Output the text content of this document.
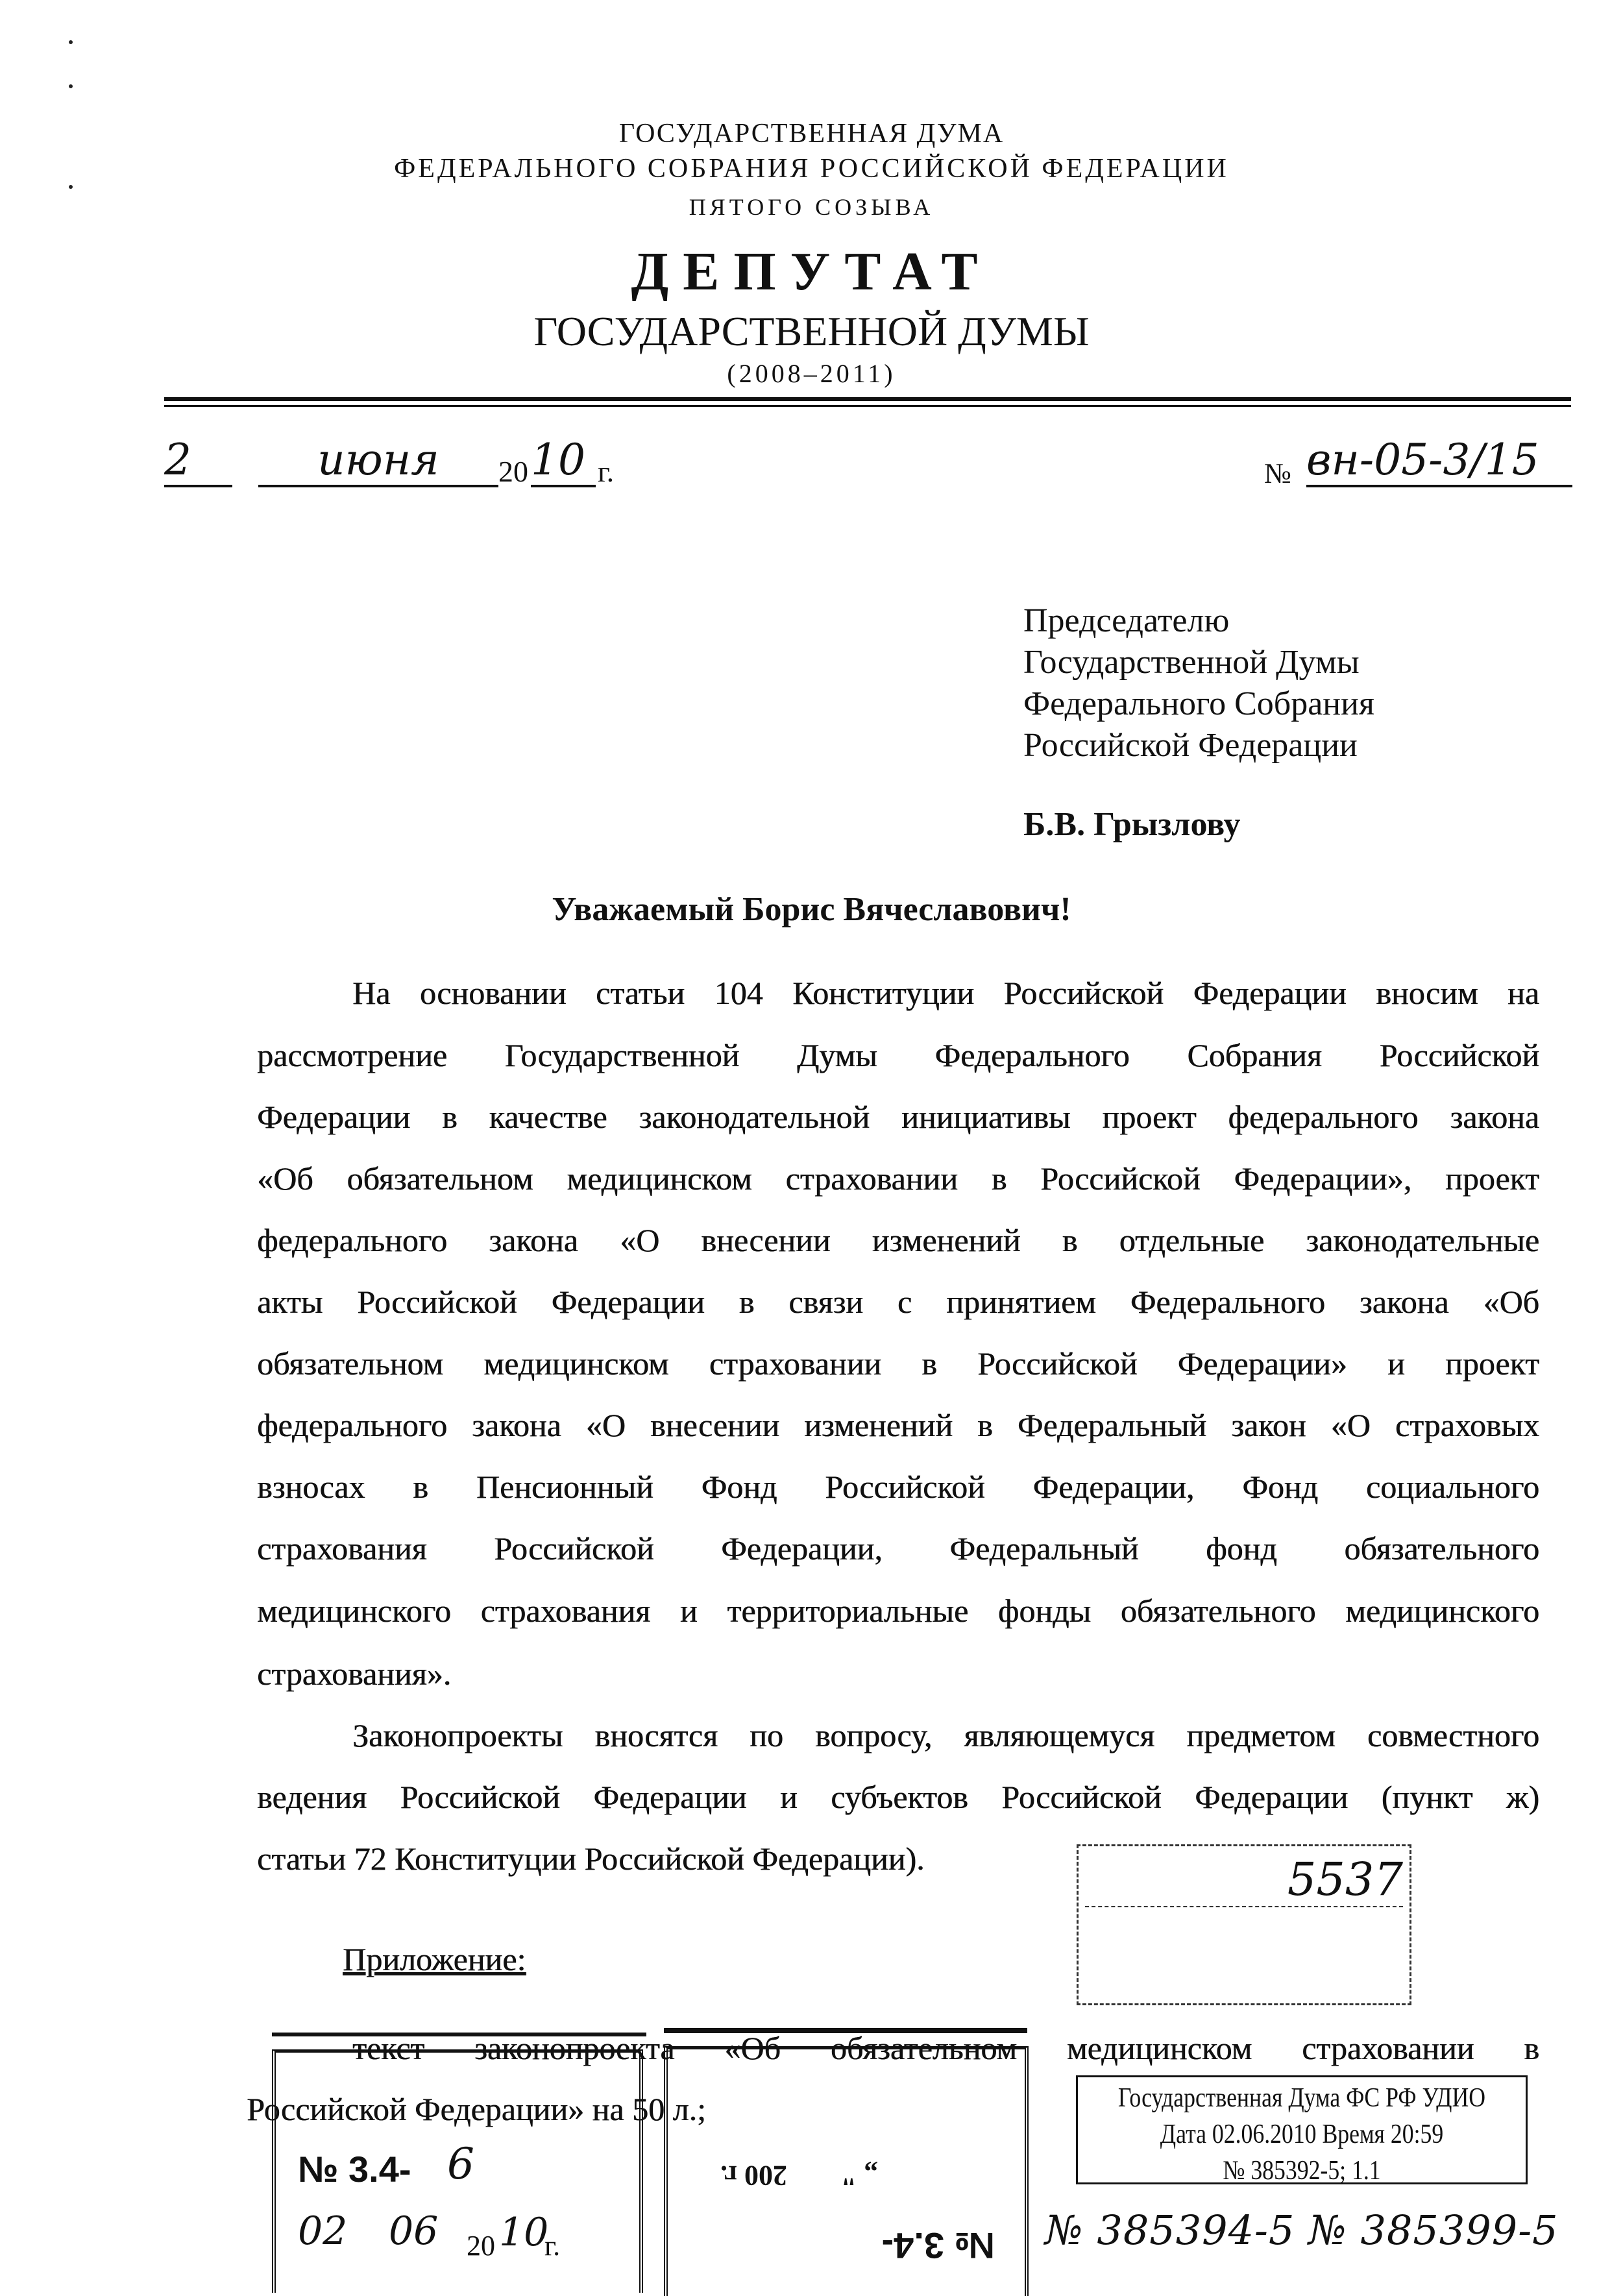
ГОСУДАРСТВЕННАЯ ДУМА
ФЕДЕРАЛЬНОГО СОБРАНИЯ РОССИЙСКОЙ ФЕДЕРАЦИИ
ПЯТОГО СОЗЫВА
ДЕПУТАТ
ГОСУДАРСТВЕННОЙ ДУМЫ
(2008–2011)
2	июня	20 10 г.	№ вн-05-3/15
Председателю
Государственной Думы
Федерального Собрания
Российской Федерации
Б.В. Грызлову
Уважаемый Борис Вячеславович!
На основании статьи 104 Конституции Российской Федерации вносим на
рассмотрение Государственной Думы Федерального Собрания Российской
Федерации в качестве законодательной инициативы проект федерального закона
«Об обязательном медицинском страховании в Российской Федерации», проект
федерального закона «О внесении изменений в отдельные законодательные
акты Российской Федерации в связи с принятием Федерального закона «Об
обязательном медицинском страховании в Российской Федерации» и проект
федерального закона «О внесении изменений в Федеральный закон «О страховых
взносах в Пенсионный Фонд Российской Федерации, Фонд социального
страхования Российской Федерации, Федеральный фонд обязательного
медицинского страхования и территориальные фонды обязательного медицинского
страхования».
Законопроекты вносятся по вопросу, являющемуся предметом совместного
ведения Российской Федерации и субъектов Российской Федерации (пункт ж)
статьи 72 Конституции Российской Федерации).	5537
Приложение:
текст законопроекта «Об обязательном медицинском страховании в
Российской Федерации» на 50 л.;
№ 3.4- 6
02 06 20 10
г.	№ 3.4-
„ "
200 г.
Государственная Дума ФС РФ УДИО
Дата 02.06.2010 Время 20:59
№ 385392-5; 1.1
№ 385394-5 № 385399-5
